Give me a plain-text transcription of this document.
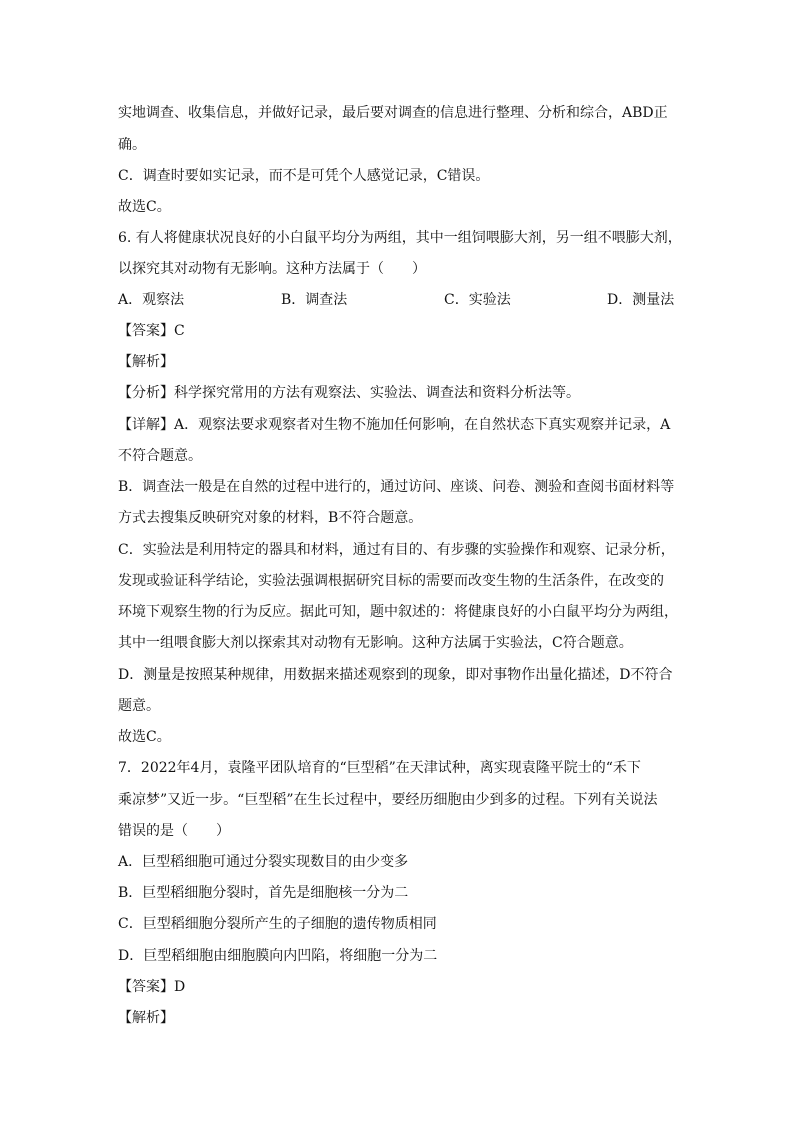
实地调查、收集信息，并做好记录，最后要对调查的信息进行整理、分析和综合，ABD正
确。
C．调查时要如实记录，而不是可凭个人感觉记录，C错误。
故选C。
6. 有人将健康状况良好的小白鼠平均分为两组，其中一组饲喂膨大剂，另一组不喂膨大剂，
以探究其对动物有无影响。这种方法属于（　　）
A．观察法	B．调查法	C．实验法	D．测量法
【答案】C
【解析】
【分析】科学探究常用的方法有观察法、实验法、调查法和资料分析法等。
【详解】A．观察法要求观察者对生物不施加任何影响，在自然状态下真实观察并记录，A
不符合题意。
B．调查法一般是在自然的过程中进行的，通过访问、座谈、问卷、测验和查阅书面材料等
方式去搜集反映研究对象的材料，B不符合题意。
C．实验法是利用特定的器具和材料，通过有目的、有步骤的实验操作和观察、记录分析，
发现或验证科学结论，实验法强调根据研究目标的需要而改变生物的生活条件，在改变的
环境下观察生物的行为反应。据此可知，题中叙述的：将健康良好的小白鼠平均分为两组，
其中一组喂食膨大剂以探索其对动物有无影响。这种方法属于实验法，C符合题意。
D．测量是按照某种规律，用数据来描述观察到的现象，即对事物作出量化描述，D不符合
题意。
故选C。
7．2022年4月，袁隆平团队培育的“巨型稻”在天津试种，离实现袁隆平院士的“禾下
乘凉梦”又近一步。“巨型稻”在生长过程中，要经历细胞由少到多的过程。下列有关说法
错误的是（　　）
A．巨型稻细胞可通过分裂实现数目的由少变多
B．巨型稻细胞分裂时，首先是细胞核一分为二
C．巨型稻细胞分裂所产生的子细胞的遗传物质相同
D．巨型稻细胞由细胞膜向内凹陷，将细胞一分为二
【答案】D
【解析】
